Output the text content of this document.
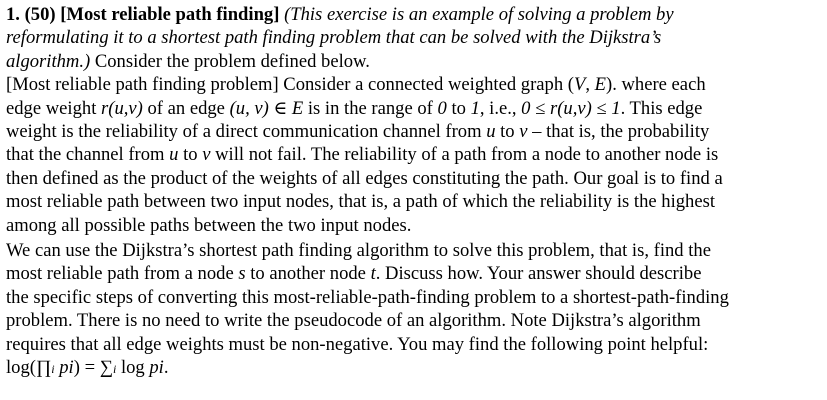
1. (50) [Most reliable path finding] (This exercise is an example of solving a problem by
reformulating it to a shortest path finding problem that can be solved with the Dijkstra’s
algorithm.) Consider the problem defined below.

[Most reliable path finding problem] Consider a connected weighted graph (V, E). where each
edge weight r(u,v) of an edge (u, v) ∈ E is in the range of 0 to 1, i.e., 0 ≤ r(u,v) ≤ 1. This edge
weight is the reliability of a direct communication channel from u to v – that is, the probability
that the channel from u to v will not fail. The reliability of a path from a node to another node is
then defined as the product of the weights of all edges constituting the path. Our goal is to find a
most reliable path between two input nodes, that is, a path of which the reliability is the highest
among all possible paths between the two input nodes.

We can use the Dijkstra’s shortest path finding algorithm to solve this problem, that is, find the
most reliable path from a node s to another node t. Discuss how. Your answer should describe
the specific steps of converting this most-reliable-path-finding problem to a shortest-path-finding
problem. There is no need to write the pseudocode of an algorithm. Note Dijkstra’s algorithm
requires that all edge weights must be non-negative. You may find the following point helpful:
log(∏i pi) = ∑i log pi.
